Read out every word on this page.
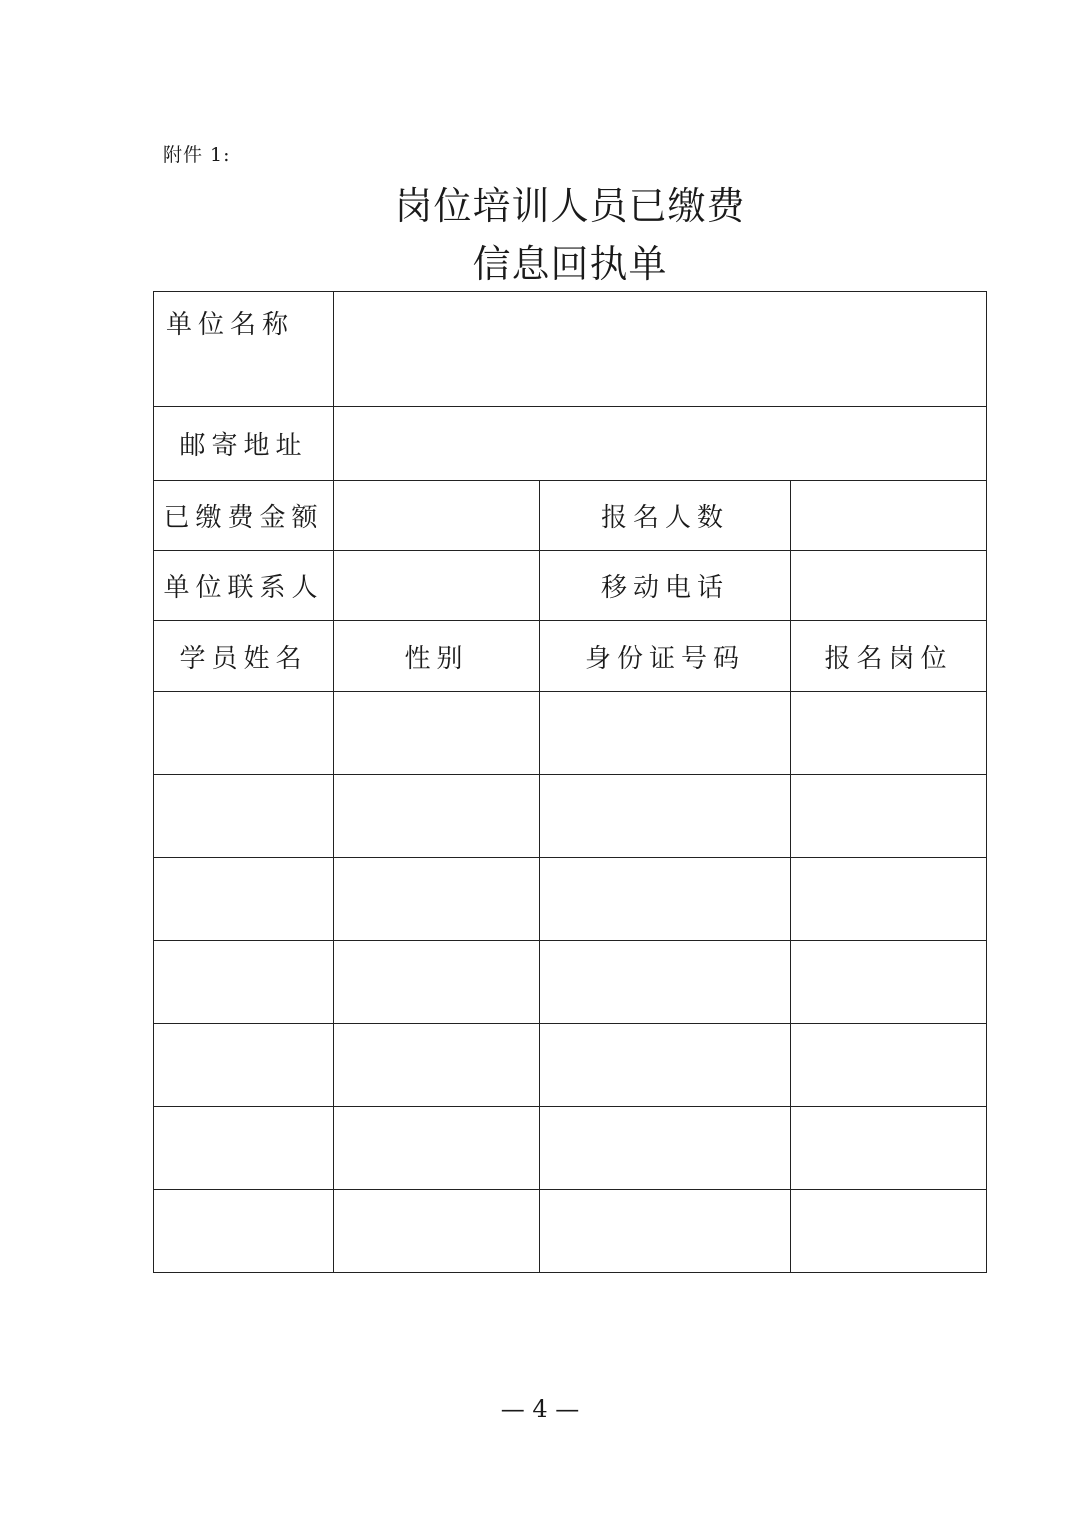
附件 1:
岗位培训人员已缴费
信息回执单
单位名称			
邮寄地址			
已缴费金额		报名人数	
单位联系人		移动电话	
学员姓名	性别	身份证号码	报名岗位

— 4 —
